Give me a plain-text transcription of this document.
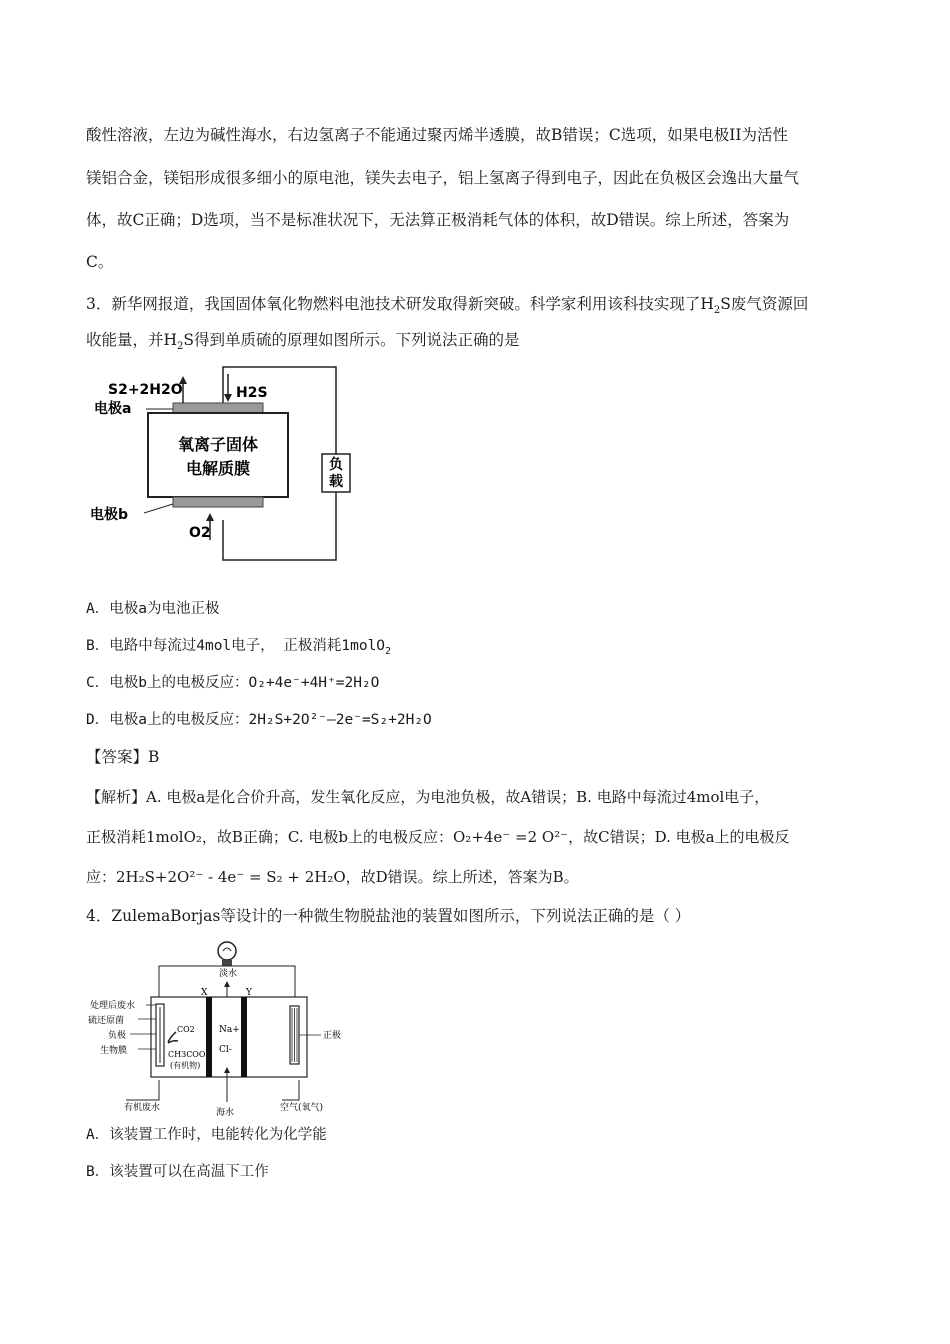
酸性溶液，左边为碱性海水，右边氢离子不能通过聚丙烯半透膜，故B错误；C选项，如果电极II为活性
镁铝合金，镁铝形成很多细小的原电池，镁失去电子，铝上氢离子得到电子，因此在负极区会逸出大量气
体，故C正确；D选项，当不是标准状况下，无法算正极消耗气体的体积，故D错误。综上所述，答案为
C。
3．新华网报道，我国固体氧化物燃料电池技术研发取得新突破。科学家利用该科技实现了$H_2S$废气资源回
收能量，并$H_2S$得到单质硫的原理如图所示。下列说法正确的是
负
载
氧离子固体
电解质膜
S2+2H2O	H2S
电极a
电极b
O2
A．电极a为电池正极
B．电路中每流过4mol电子， 正极消耗1molO$_2$
C．电极b上的电极反应：O₂+4e⁻+4H⁺=2H₂O
D．电极a上的电极反应：2H₂S+2O²⁻—2e⁻=S₂+2H₂O
【答案】B
【解析】A. 电极a是化合价升高，发生氧化反应，为电池负极，故A错误；B. 电路中每流过4mol电子，
正极消耗1molO₂，故B正确；C. 电极b上的电极反应：O₂+4e⁻ =2 O²⁻，故C错误；D. 电极a上的电极反
应：2H₂S+2O²⁻ - 4e⁻ = S₂ + 2H₂O，故D错误。综上所述，答案为B。
4．ZulemaBorjas等设计的一种微生物脱盐池的装置如图所示，下列说法正确的是（ ）
淡水
X	Y
Na+
Cl-
海水
有机废水	空气(氧气)
处理后废水
硫还原菌
负极
生物膜
CO2
CH3COO-
(有机物)
正极
A．该装置工作时，电能转化为化学能
B．该装置可以在高温下工作
